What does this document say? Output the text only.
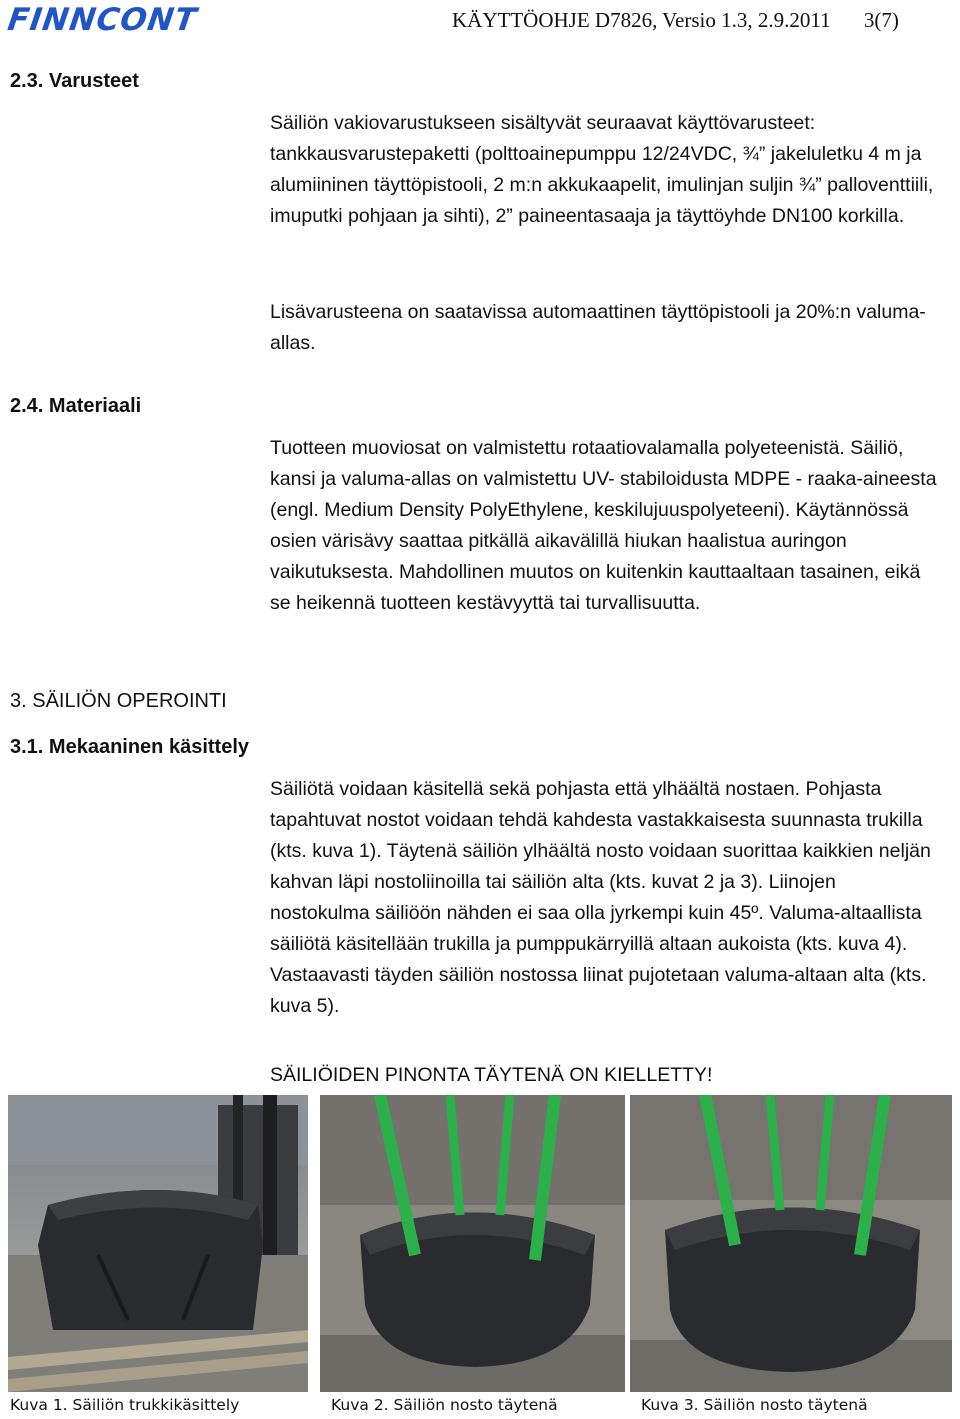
FINNCONT	KÄYTTÖOHJE D7826, Versio 1.3, 2.9.2011 3(7)
2.3. Varusteet
Säiliön vakiovarustukseen sisältyvät seuraavat käyttövarusteet: tankkausvarustepaketti (polttoainepumppu 12/24VDC, ¾” jakeluletku 4 m ja alumiininen täyttöpistooli, 2 m:n akkukaapelit, imulinjan suljin ¾” palloventtiili, imuputki pohjaan ja sihti), 2” paineentasaaja ja täyttöyhde DN100 korkilla.
Lisävarusteena on saatavissa automaattinen täyttöpistooli ja 20%:n valuma-allas.
2.4. Materiaali
Tuotteen muoviosat on valmistettu rotaatiovalamalla polyeteenistä. Säiliö, kansi ja valuma-allas on valmistettu UV- stabiloidusta MDPE - raaka-aineesta (engl. Medium Density PolyEthylene, keskilujuuspolyeteeni). Käytännössä osien värisävy saattaa pitkällä aikavälillä hiukan haalistua auringon vaikutuksesta. Mahdollinen muutos on kuitenkin kauttaaltaan tasainen, eikä se heikennä tuotteen kestävyyttä tai turvallisuutta.
3. SÄILIÖN OPEROINTI
3.1. Mekaaninen käsittely
Säiliötä voidaan käsitellä sekä pohjasta että ylhäältä nostaen. Pohjasta tapahtuvat nostot voidaan tehdä kahdesta vastakkaisesta suunnasta trukilla (kts. kuva 1). Täytenä säiliön ylhäältä nosto voidaan suorittaa kaikkien neljän kahvan läpi nostoliinoilla tai säiliön alta (kts. kuvat 2 ja 3). Liinojen nostokulma säiliöön nähden ei saa olla jyrkempi kuin 45º. Valuma-altaallista säiliötä käsitellään trukilla ja pumppukärryillä altaan aukoista (kts. kuva 4). Vastaavasti täyden säiliön nostossa liinat pujotetaan valuma-altaan alta (kts. kuva 5).
SÄILIÖIDEN PINONTA TÄYTENÄ ON KIELLETTY!
Kuva 1. Säiliön trukkikäsittely	Kuva 2. Säiliön nosto täytenä	Kuva 3. Säiliön nosto täytenä
